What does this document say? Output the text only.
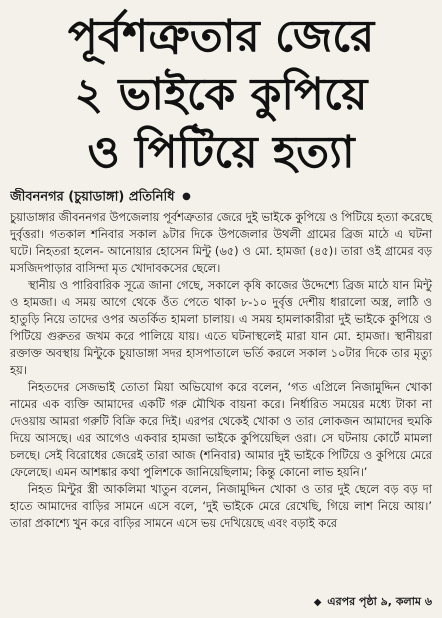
পূর্বশত্রুতার জেরে
২ ভাইকে কুপিয়ে
ও পিটিয়ে হত্যা
জীবননগর (চুয়াডাঙ্গা) প্রতিনিধি ●

চুয়াডাঙ্গার জীবননগর উপজেলায় পূর্বশত্রুতার জেরে দুই ভাইকে কুপিয়ে ও পিটিয়ে হত্যা করেছে দুর্বৃত্তরা। গতকাল শনিবার সকাল ৯টার দিকে উপজেলার উথলী গ্রামের ব্রিজ মাঠে এ ঘটনা ঘটে। নিহতরা হলেন- আনোয়ার হোসেন মিন্টু (৬৫) ও মো. হামজা (৪৫)। তারা ওই গ্রামের বড় মসজিদপাড়ার বাসিন্দা মৃত খোদাবকসের ছেলে।

স্থানীয় ও পারিবারিক সূত্রে জানা গেছে, সকালে কৃষি কাজের উদ্দেশ্যে ব্রিজ মাঠে যান মিন্টু ও হামজা। এ সময় আগে থেকে ওঁত পেতে থাকা ৮-১০ দুর্বৃত্ত দেশীয় ধারালো অস্ত্র, লাঠি ও হাতুড়ি নিয়ে তাদের ওপর অতর্কিত হামলা চালায়। এ সময় হামলাকারীরা দুই ভাইকে কুপিয়ে ও পিটিয়ে গুরুতর জখম করে পালিয়ে যায়। এতে ঘটনাস্থলেই মারা যান মো. হামজা। স্থানীয়রা রক্তাক্ত অবস্থায় মিন্টুকে চুয়াডাঙ্গা সদর হাসপাতালে ভর্তি করলে সকাল ১০টার দিকে তার মৃত্যু হয়।

নিহতদের সেজভাই তোতা মিয়া অভিযোগ করে বলেন, ‘গত এপ্রিলে নিজামুদ্দিন খোকা নামের এক ব্যক্তি আমাদের একটি গরু মৌখিক বায়না করে। নির্ধারিত সময়ের মধ্যে টাকা না দেওয়ায় আমরা গরুটি বিক্রি করে দিই। এরপর থেকেই খোকা ও তার লোকজন আমাদের হুমকি দিয়ে আসছে। এর আগেও একবার হামজা ভাইকে কুপিয়েছিল ওরা। সে ঘটনায় কোর্টে মামলা চলছে। সেই বিরোধের জেরেই তারা আজ (শনিবার) আমার দুই ভাইকে পিটিয়ে ও কুপিয়ে মেরে ফেলেছে। এমন আশঙ্কার কথা পুলিশকে জানিয়েছিলাম; কিন্তু কোনো লাভ হয়নি।’

নিহত মিন্টুর স্ত্রী আকলিমা খাতুন বলেন, নিজামুদ্দিন খোকা ও তার দুই ছেলে বড় বড় দা হাতে আমাদের বাড়ির সামনে এসে বলে, ‘দুই ভাইকে মেরে রেখেছি, গিয়ে লাশ নিয়ে আয়।’ তারা প্রকাশ্যে খুন করে বাড়ির সামনে এসে ভয় দেখিয়েছে এবং বড়াই করে

◆ এরপর পৃষ্ঠা ৯, কলাম ৬
